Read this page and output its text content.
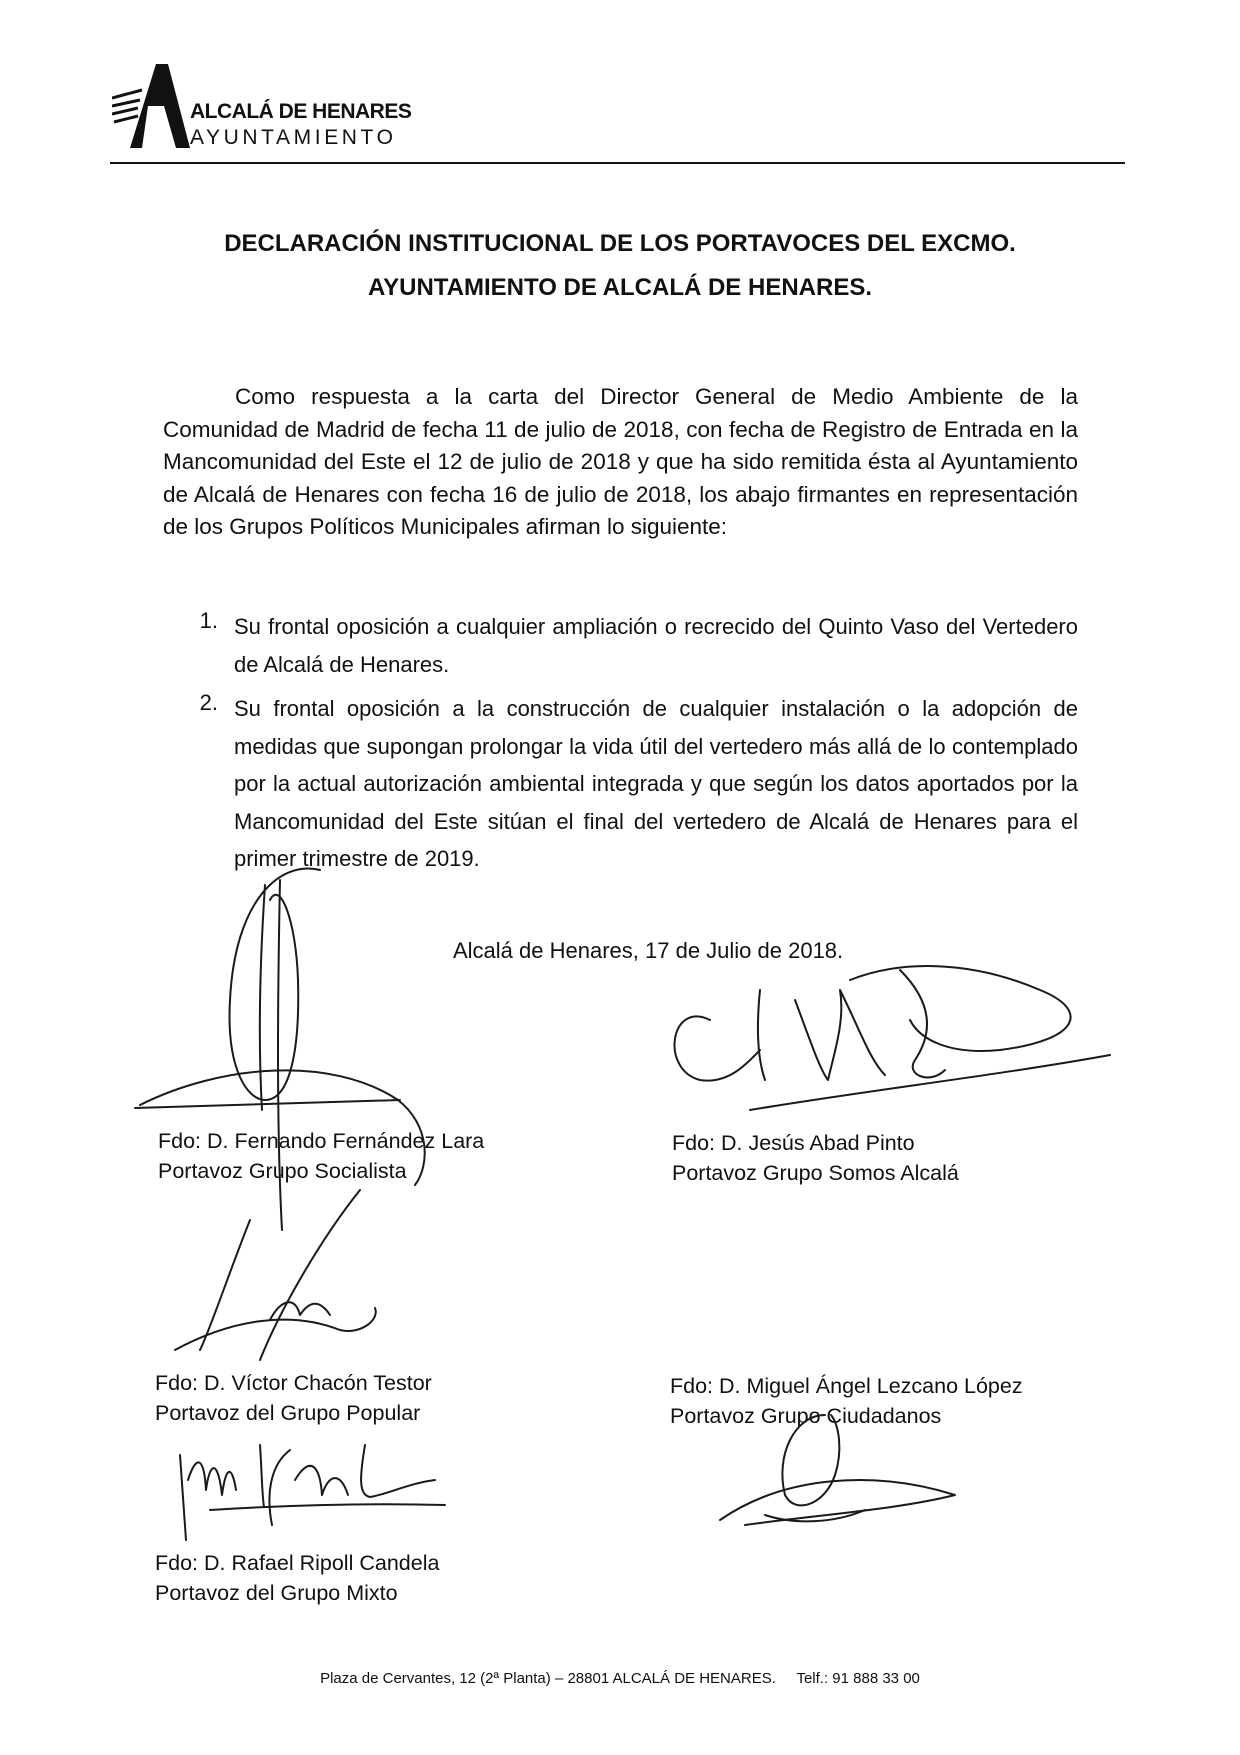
ALCALÁ DE HENARES
AYUNTAMIENTO
DECLARACIÓN INSTITUCIONAL DE LOS PORTAVOCES DEL EXCMO.
AYUNTAMIENTO DE ALCALÁ DE HENARES.
Como respuesta a la carta del Director General de Medio Ambiente de la Comunidad de Madrid de fecha 11 de julio de 2018, con fecha de Registro de Entrada en la Mancomunidad del Este el 12 de julio de 2018 y que ha sido remitida ésta al Ayuntamiento de Alcalá de Henares con fecha 16 de julio de 2018, los abajo firmantes en representación de los Grupos Políticos Municipales afirman lo siguiente:
1. Su frontal oposición a cualquier ampliación o recrecido del Quinto Vaso del Vertedero de Alcalá de Henares.
2. Su frontal oposición a la construcción de cualquier instalación o la adopción de medidas que supongan prolongar la vida útil del vertedero más allá de lo contemplado por la actual autorización ambiental integrada y que según los datos aportados por la Mancomunidad del Este sitúan el final del vertedero de Alcalá de Henares para el primer trimestre de 2019.
Alcalá de Henares, 17 de Julio de 2018.
Fdo: D. Fernando Fernández Lara
Portavoz Grupo Socialista
Fdo: D. Jesús Abad Pinto
Portavoz Grupo Somos Alcalá
Fdo: D. Víctor Chacón Testor
Portavoz del Grupo Popular
Fdo: D. Miguel Ángel Lezcano López
Portavoz Grupo Ciudadanos
Fdo: D. Rafael Ripoll Candela
Portavoz del Grupo Mixto
Plaza de Cervantes, 12 (2ª Planta) – 28801 ALCALÁ DE HENARES.     Telf.: 91 888 33 00
